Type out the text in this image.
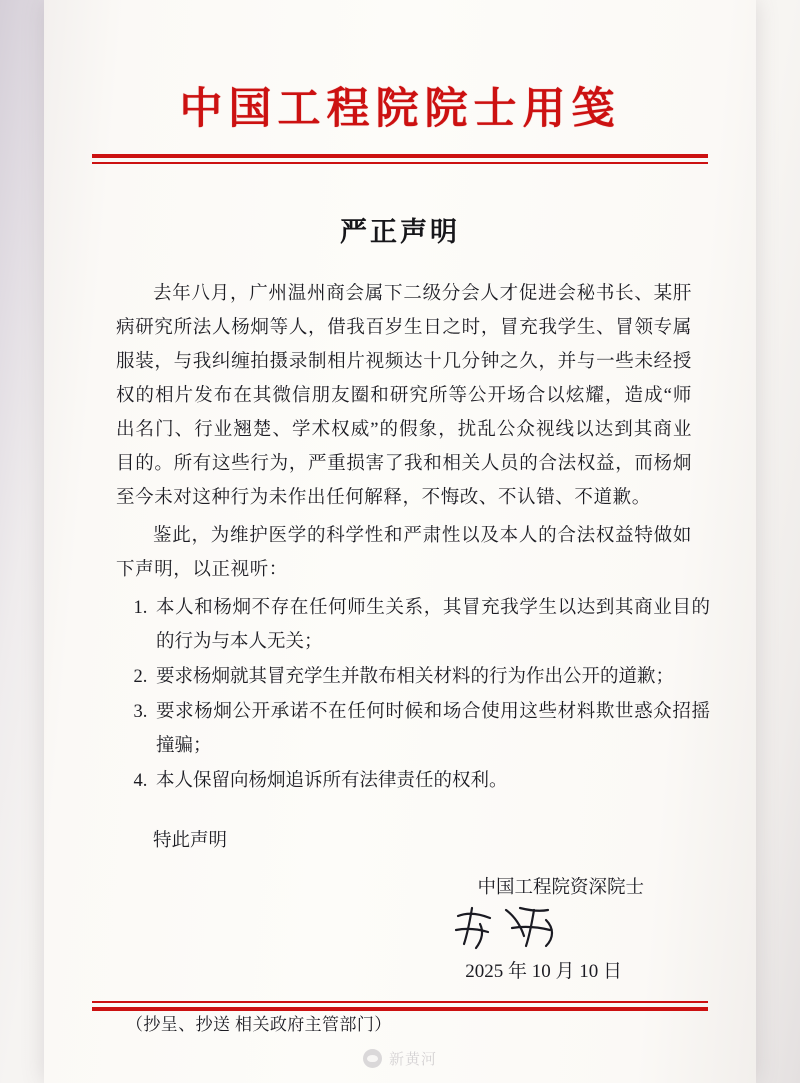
中国工程院院士用笺
严正声明

去年八月，广州温州商会属下二级分会人才促进会秘书长、某肝病研究所法人杨炯等人，借我百岁生日之时，冒充我学生、冒领专属服装，与我纠缠拍摄录制相片视频达十几分钟之久，并与一些未经授权的相片发布在其微信朋友圈和研究所等公开场合以炫耀，造成“师出名门、行业翘楚、学术权威”的假象，扰乱公众视线以达到其商业目的。所有这些行为，严重损害了我和相关人员的合法权益，而杨炯至今未对这种行为未作出任何解释，不悔改、不认错、不道歉。

鉴此，为维护医学的科学性和严肃性以及本人的合法权益特做如下声明，以正视听：

1. 本人和杨炯不存在任何师生关系，其冒充我学生以达到其商业目的的行为与本人无关；
2. 要求杨炯就其冒充学生并散布相关材料的行为作出公开的道歉；
3. 要求杨炯公开承诺不在任何时候和场合使用这些材料欺世惑众招摇撞骗；
4. 本人保留向杨炯追诉所有法律责任的权利。
特此声明
中国工程院资深院士
2025 年 10 月 10 日
（抄呈、抄送 相关政府主管部门）
新黄河
